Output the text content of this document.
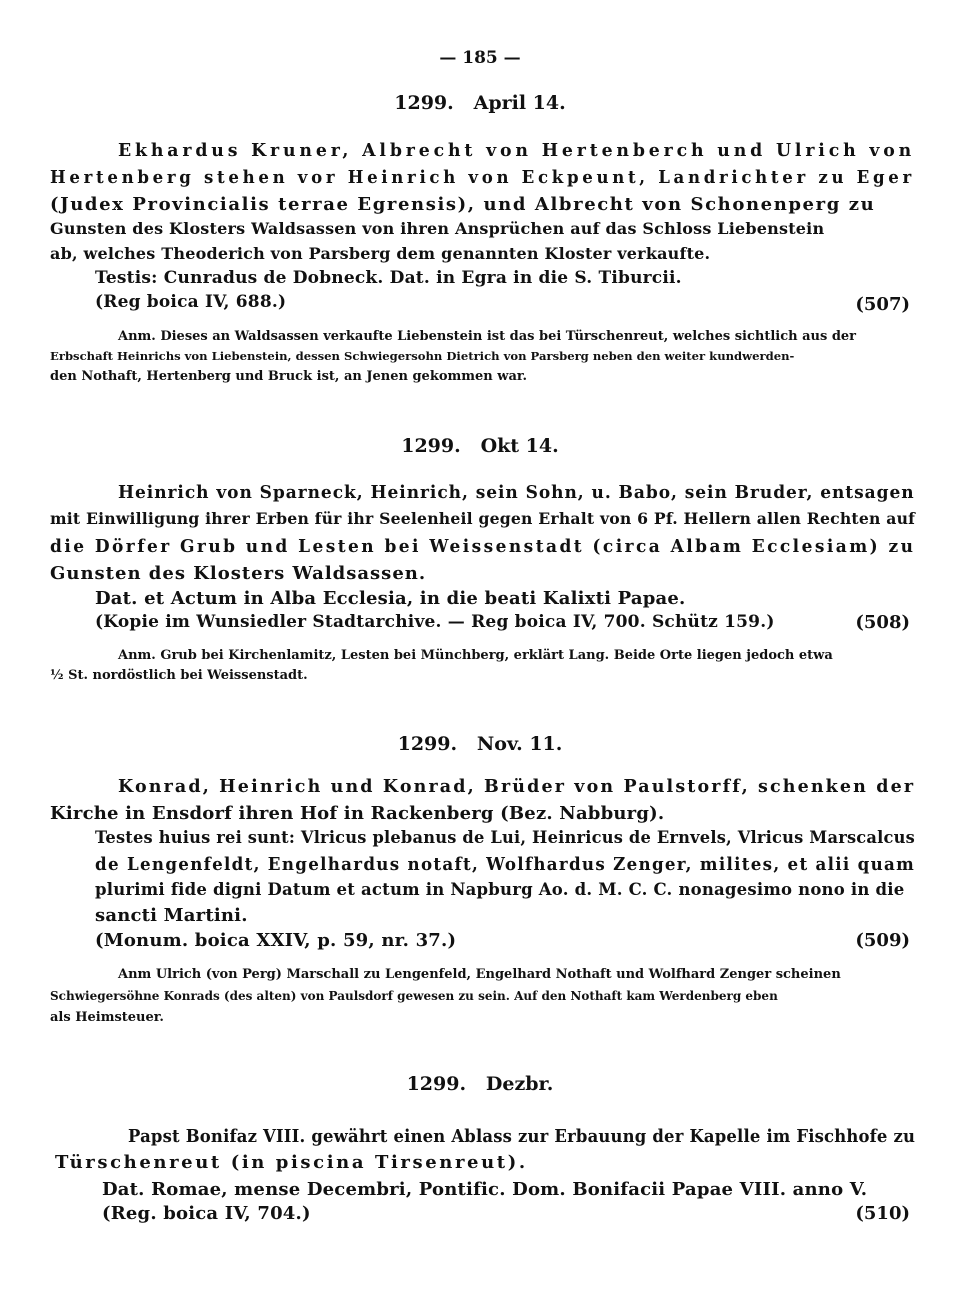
— 185 —
1299.   April 14.
Ekhardus Kruner, Albrecht von Hertenberch und Ulrich von
Hertenberg stehen vor Heinrich von Eckpeunt, Landrichter zu Eger
(Judex Provincialis terrae Egrensis), und Albrecht von Schonenperg zu
Gunsten des Klosters Waldsassen von ihren Ansprüchen auf das Schloss Liebenstein
ab, welches Theoderich von Parsberg dem genannten Kloster verkaufte.
Testis: Cunradus de Dobneck. Dat. in Egra in die S. Tiburcii.
(Reg boica IV, 688.)	(507)
Anm. Dieses an Waldsassen verkaufte Liebenstein ist das bei Türschenreut, welches sichtlich aus der
Erbschaft Heinrichs von Liebenstein, dessen Schwiegersohn Dietrich von Parsberg neben den weiter kundwerden-
den Nothaft, Hertenberg und Bruck ist, an Jenen gekommen war.
1299.   Okt 14.
Heinrich von Sparneck, Heinrich, sein Sohn, u. Babo, sein Bruder, entsagen
mit Einwilligung ihrer Erben für ihr Seelenheil gegen Erhalt von 6 Pf. Hellern allen Rechten auf
die Dörfer Grub und Lesten bei Weissenstadt (circa Albam Ecclesiam) zu
Gunsten des Klosters Waldsassen.
Dat. et Actum in Alba Ecclesia, in die beati Kalixti Papae.
(Kopie im Wunsiedler Stadtarchive. — Reg boica IV, 700. Schütz 159.)	(508)
Anm. Grub bei Kirchenlamitz, Lesten bei Münchberg, erklärt Lang. Beide Orte liegen jedoch etwa
½ St. nordöstlich bei Weissenstadt.
1299.   Nov. 11.
Konrad, Heinrich und Konrad, Brüder von Paulstorff, schenken der
Kirche in Ensdorf ihren Hof in Rackenberg (Bez. Nabburg).
Testes huius rei sunt: Vlricus plebanus de Lui, Heinricus de Ernvels, Vlricus Marscalcus
de Lengenfeldt, Engelhardus notaft, Wolfhardus Zenger, milites, et alii quam
plurimi fide digni Datum et actum in Napburg Ao. d. M. C. C. nonagesimo nono in die
sancti Martini.
(Monum. boica XXIV, p. 59, nr. 37.)	(509)
Anm Ulrich (von Perg) Marschall zu Lengenfeld, Engelhard Nothaft und Wolfhard Zenger scheinen
Schwiegersöhne Konrads (des alten) von Paulsdorf gewesen zu sein. Auf den Nothaft kam Werdenberg eben
als Heimsteuer.
1299.   Dezbr.
Papst Bonifaz VIII. gewährt einen Ablass zur Erbauung der Kapelle im Fischhofe zu
Türschenreut (in piscina Tirsenreut).
Dat. Romae, mense Decembri, Pontific. Dom. Bonifacii Papae VIII. anno V.
(Reg. boica IV, 704.)	(510)
